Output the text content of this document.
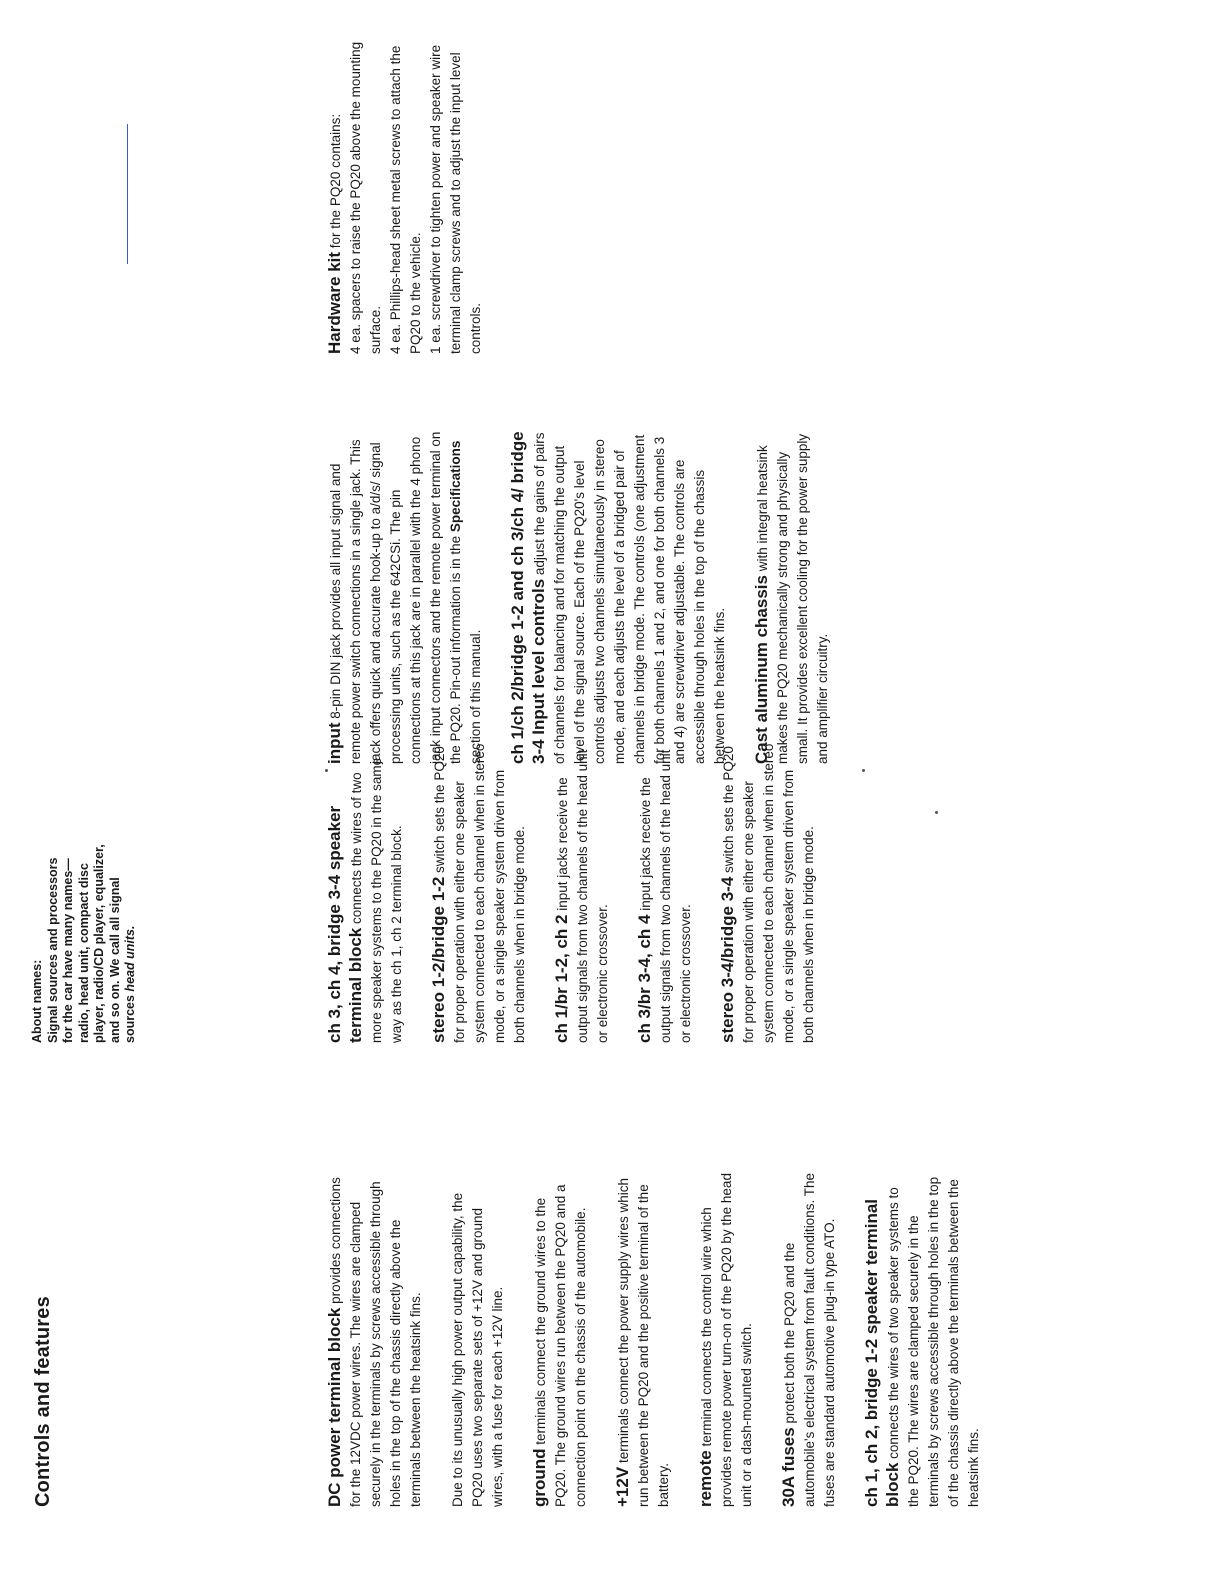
Controls and features
About names: Signal sources and processors for the car have many names—radio, head unit, compact disc player, radio/CD player, equalizer, and so on. We call all signal sources head units.

DC power terminal block provides connections for the 12VDC power wires. The wires are clamped securely in the terminals by screws accessible through holes in the top of the chassis directly above the terminals between the heatsink fins. Due to its unusually high power output capability, the PQ20 uses two separate sets of +12V and ground wires, with a fuse for each +12V line. ground terminals connect the ground wires to the PQ20. The ground wires run between the PQ20 and a connection point on the chassis of the automobile. +12V terminals connect the power supply wires which run between the PQ20 and the positive terminal of the battery. remote terminal connects the control wire which provides remote power turn-on of the PQ20 by the head unit or a dash-mounted switch. 30A fuses protect both the PQ20 and the automobile's electrical system from fault conditions. The fuses are standard automotive plug-in type ATO. ch 1, ch 2, bridge 1-2 speaker terminal block connects the wires of two speaker systems to the PQ20. The wires are clamped securely in the terminals by screws accessible through holes in the top of the chassis directly above the terminals between the heatsink fins.

ch 3, ch 4, bridge 3-4 speaker terminal block connects the wires of two more speaker systems to the PQ20 in the same way as the ch 1, ch 2 terminal block. stereo 1-2/bridge 1-2 switch sets the PQ20 for proper operation with either one speaker system connected to each channel when in stereo mode, or a single speaker system driven from both channels when in bridge mode. ch 1/br 1-2, ch 2 input jacks receive the output signals from two channels of the head unit or electronic crossover. ch 3/br 3-4, ch 4 input jacks receive the output signals from two channels of the head unit or electronic crossover. stereo 3-4/bridge 3-4 switch sets the PQ20 for proper operation with either one speaker system connected to each channel when in stereo mode, or a single speaker system driven from both channels when in bridge mode.

input 8-pin DIN jack provides all input signal and remote power switch connections in a single jack. This jack offers quick and accurate hook-up to a/d/s/ signal processing units, such as the 642CSi. The pin connections at this jack are in parallel with the 4 phono jack input connectors and the remote power terminal on the PQ20. Pin-out information is in the Specifications section of this manual. ch 1/ch 2/bridge 1-2 and ch 3/ch 4/ bridge 3-4 Input level controls adjust the gains of pairs of channels for balancing and for matching the output level of the signal source. Each of the PQ20's level controls adjusts two channels simultaneously in stereo mode, and each adjusts the level of a bridged pair of channels in bridge mode. The controls (one adjustment for both channels 1 and 2, and one for both channels 3 and 4) are screwdriver adjustable. The controls are accessible through holes in the top of the chassis between the heatsink fins. Cast aluminum chassis with integral heatsink makes the PQ20 mechanically strong and physically small. It provides excellent cooling for the power supply and amplifier circuitry.

Hardware kit for the PQ20 contains: 4 ea. spacers to raise the PQ20 above the mounting surface. 4 ea. Phillips-head sheet metal screws to attach the PQ20 to the vehicle. 1 ea. screwdriver to tighten power and speaker wire terminal clamp screws and to adjust the input level controls.
